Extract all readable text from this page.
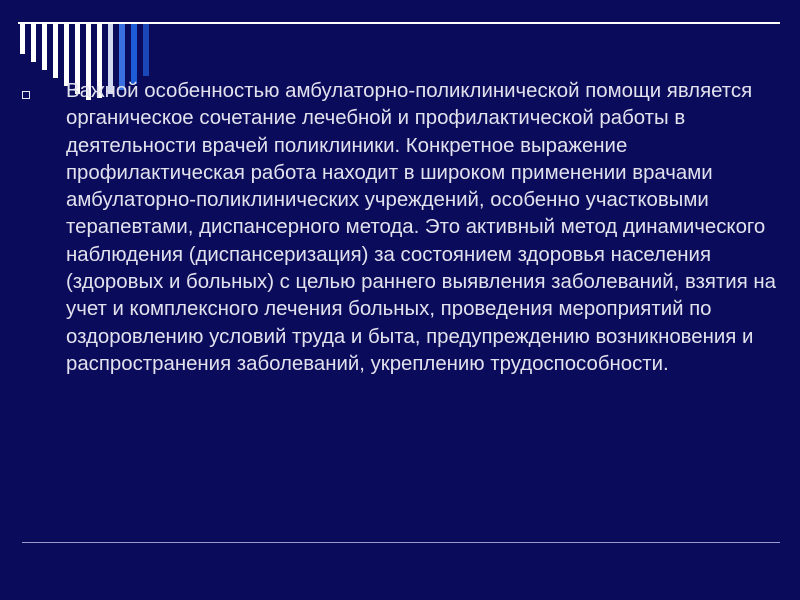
Важной особенностью амбулаторно-поликлинической помощи является органическое сочетание лечебной и профилактической работы в деятельности врачей поликлиники. Конкретное выражение профилактическая работа находит в широком применении врачами амбулаторно-поликлинических учреждений, особенно участковыми терапевтами, диспансерного метода. Это активный метод динамического наблюдения (диспансеризация) за состоянием здоровья населения (здоровых и больных) с целью раннего выявления заболеваний, взятия на учет и комплексного лечения больных, проведения мероприятий по оздоровлению условий труда и быта, предупреждению возникновения и распространения заболеваний, укреплению трудоспособности.
